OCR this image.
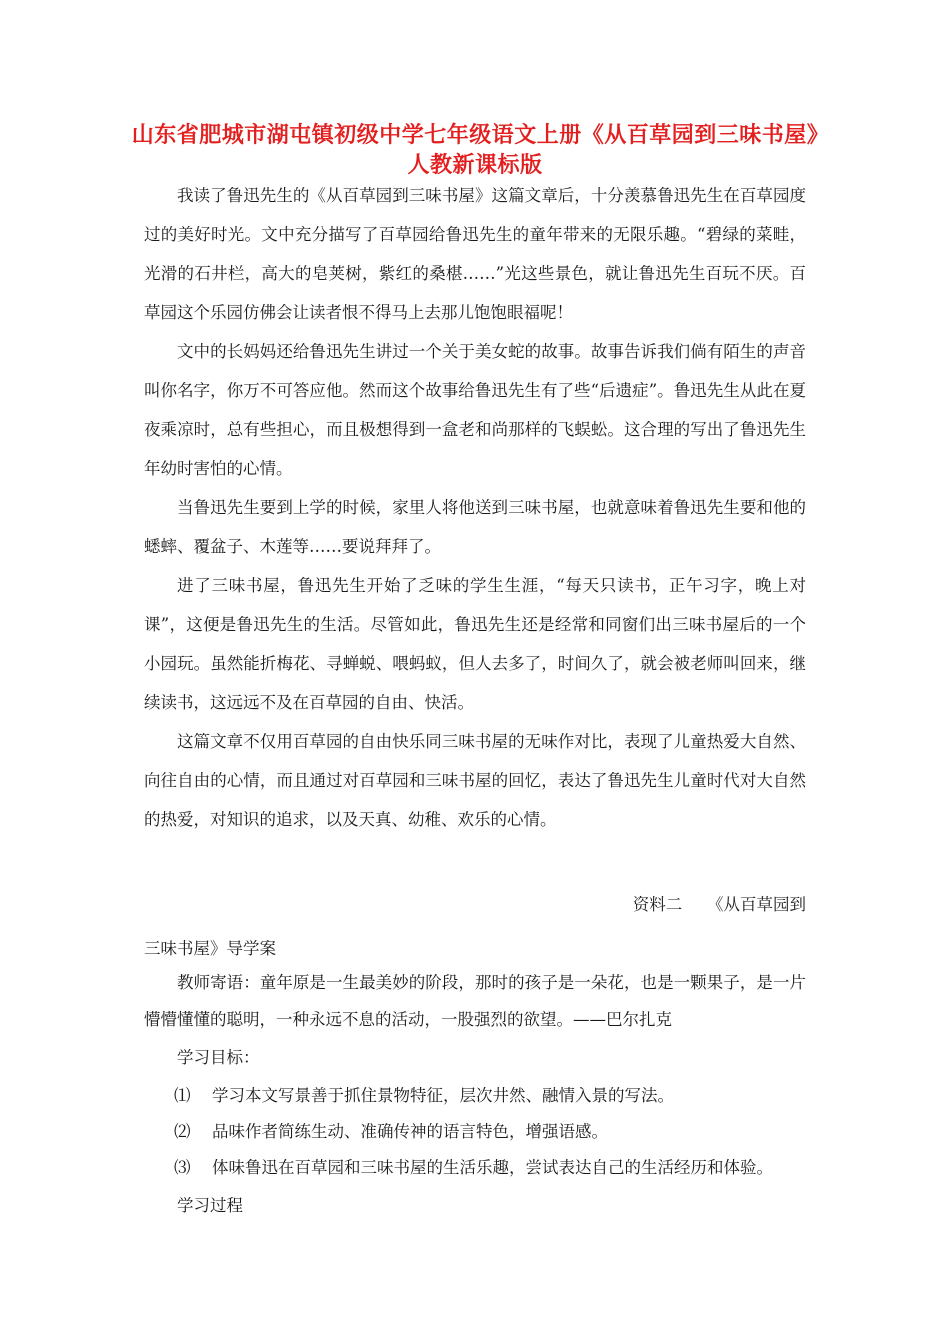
山东省肥城市湖屯镇初级中学七年级语文上册《从百草园到三味书屋》人教新课标版

我读了鲁迅先生的《从百草园到三味书屋》这篇文章后，十分羡慕鲁迅先生在百草园度过的美好时光。文中充分描写了百草园给鲁迅先生的童年带来的无限乐趣。“碧绿的菜畦，光滑的石井栏，高大的皂荚树，紫红的桑椹……”光这些景色，就让鲁迅先生百玩不厌。百草园这个乐园仿佛会让读者恨不得马上去那儿饱饱眼福呢！

文中的长妈妈还给鲁迅先生讲过一个关于美女蛇的故事。故事告诉我们倘有陌生的声音叫你名字，你万不可答应他。然而这个故事给鲁迅先生有了些“后遗症”。鲁迅先生从此在夏夜乘凉时，总有些担心，而且极想得到一盒老和尚那样的飞蜈蚣。这合理的写出了鲁迅先生年幼时害怕的心情。

当鲁迅先生要到上学的时候，家里人将他送到三味书屋，也就意味着鲁迅先生要和他的蟋蟀、覆盆子、木莲等……要说拜拜了。

进了三味书屋，鲁迅先生开始了乏味的学生生涯，“每天只读书，正午习字，晚上对课”，这便是鲁迅先生的生活。尽管如此，鲁迅先生还是经常和同窗们出三味书屋后的一个小园玩。虽然能折梅花、寻蝉蜕、喂蚂蚁，但人去多了，时间久了，就会被老师叫回来，继续读书，这远远不及在百草园的自由、快活。

这篇文章不仅用百草园的自由快乐同三味书屋的无味作对比，表现了儿童热爱大自然、向往自由的心情，而且通过对百草园和三味书屋的回忆，表达了鲁迅先生儿童时代对大自然的热爱，对知识的追求，以及天真、幼稚、欢乐的心情。

资料二　　《从百草园到

三味书屋》导学案

教师寄语：童年原是一生最美妙的阶段，那时的孩子是一朵花，也是一颗果子，是一片懵懵懂懂的聪明，一种永远不息的活动，一股强烈的欲望。——巴尔扎克

学习目标：

⑴	学习本文写景善于抓住景物特征，层次井然、融情入景的写法。
⑵	品味作者简练生动、准确传神的语言特色，增强语感。
⑶	体味鲁迅在百草园和三味书屋的生活乐趣，尝试表达自己的生活经历和体验。

学习过程
